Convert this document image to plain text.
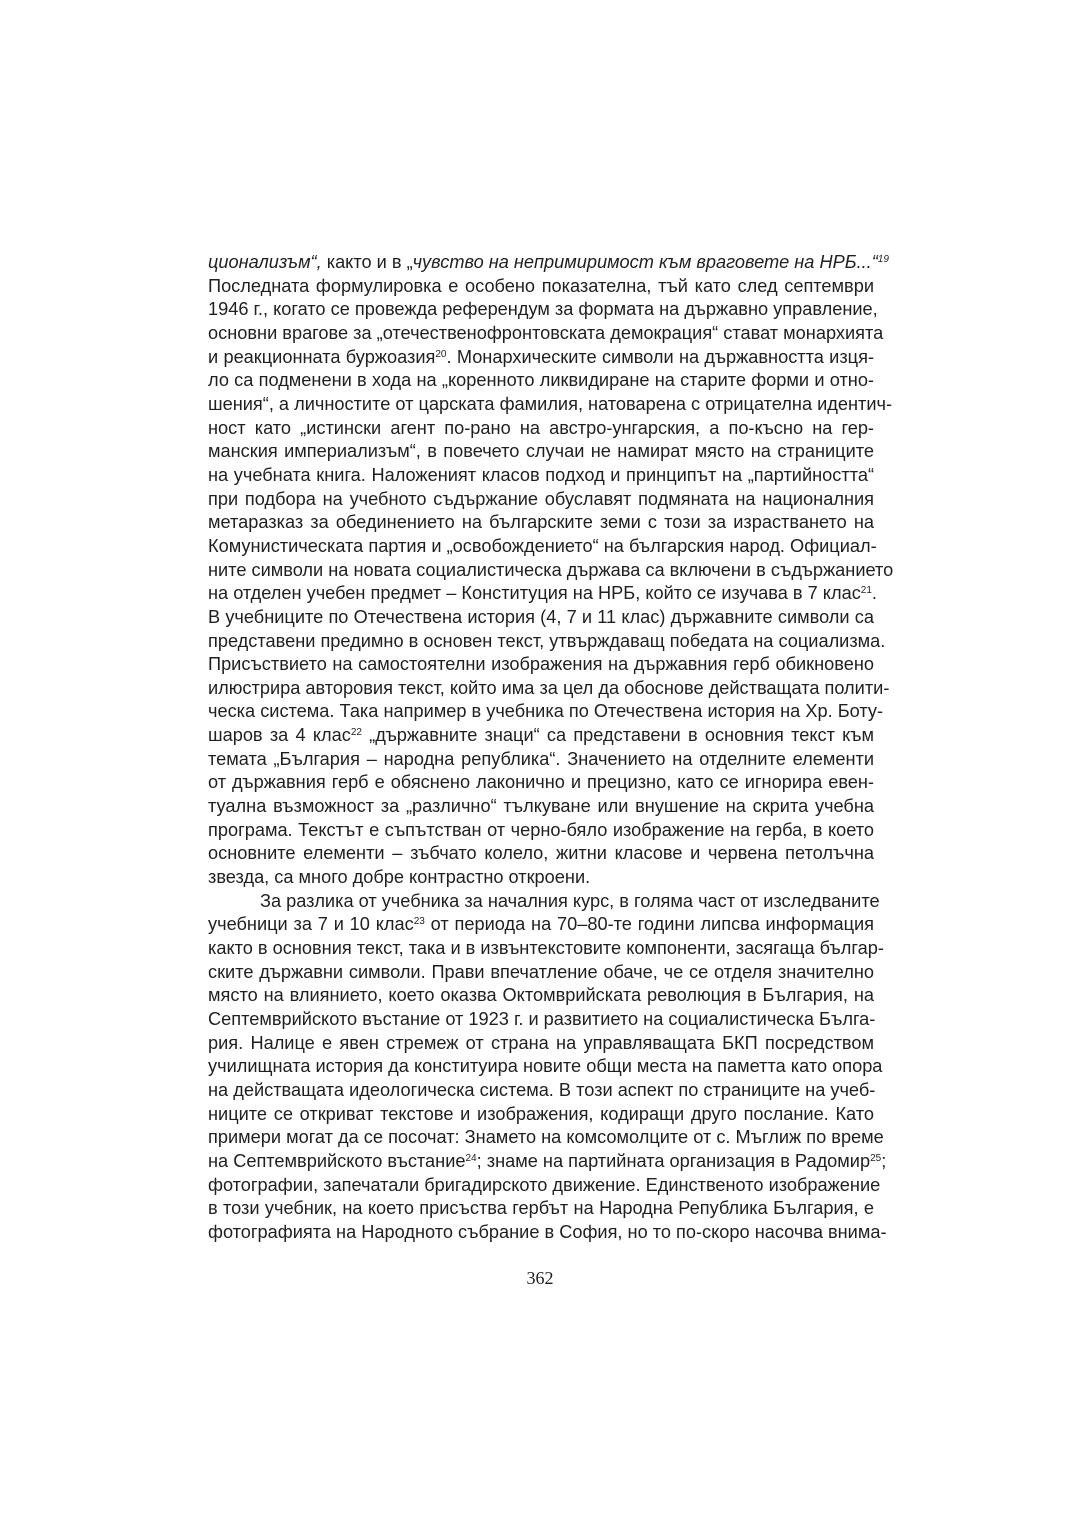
ционализъм“, както и в „чувство на непримиримост към враговете на НРБ...“$^{19}$
Последната формулировка е особено показателна, тъй като след септември
1946 г., когато се провежда референдум за формата на държавно управление,
основни врагове за „отечественофронтовската демокрация“ стават монархията
и реакционната буржоазия$^{20}$. Монархическите символи на държавността изця-
ло са подменени в хода на „коренното ликвидиране на старите форми и отно-
шения“, а личностите от царската фамилия, натоварена с отрицателна идентич-
ност като „истински агент по-рано на австро-унгарския, а по-късно на гер-
манския империализъм“, в повечето случаи не намират място на страниците
на учебната книга. Наложеният класов подход и принципът на „партийността“
при подбора на учебното съдържание обуславят подмяната на националния
метаразказ за обединението на българските земи с този за израстването на
Комунистическата партия и „освобождението“ на българския народ. Официал-
ните символи на новата социалистическа държава са включени в съдържанието
на отделен учебен предмет – Конституция на НРБ, който се изучава в 7 клас$^{21}$.
В учебниците по Отечествена история (4, 7 и 11 клас) държавните символи са
представени предимно в основен текст, утвърждаващ победата на социализма.
Присъствието на самостоятелни изображения на държавния герб обикновено
илюстрира авторовия текст, който има за цел да обоснове действащата полити-
ческа система. Така например в учебника по Отечествена история на Хр. Боту-
шаров за 4 клас$^{22}$ „държавните знаци“ са представени в основния текст към
темата „България – народна република“. Значението на отделните елементи
от държавния герб е обяснено лаконично и прецизно, като се игнорира евен-
туална възможност за „различно“ тълкуване или внушение на скрита учебна
програма. Текстът е съпътстван от черно-бяло изображение на герба, в което
основните елементи – зъбчато колело, житни класове и червена петолъчна
звезда, са много добре контрастно откроени.

За разлика от учебника за началния курс, в голяма част от изследваните
учебници за 7 и 10 клас$^{23}$ от периода на 70–80-те години липсва информация
както в основния текст, така и в извънтекстовите компоненти, засягаща българ-
ските държавни символи. Прави впечатление обаче, че се отделя значително
място на влиянието, което оказва Октомврийската революция в България, на
Септемврийското въстание от 1923 г. и развитието на социалистическа Бълга-
рия. Налице е явен стремеж от страна на управляващата БКП посредством
училищната история да конституира новите общи места на паметта като опора
на действащата идеологическа система. В този аспект по страниците на учеб-
ниците се откриват текстове и изображения, кодиращи друго послание. Като
примери могат да се посочат: Знамето на комсомолците от с. Мъглиж по време
на Септемврийското въстание$^{24}$; знаме на партийната организация в Радомир$^{25}$;
фотографии, запечатали бригадирското движение. Единственото изображение
в този учебник, на което присъства гербът на Народна Република България, е
фотографията на Народното събрание в София, но то по-скоро насочва внима-

362
